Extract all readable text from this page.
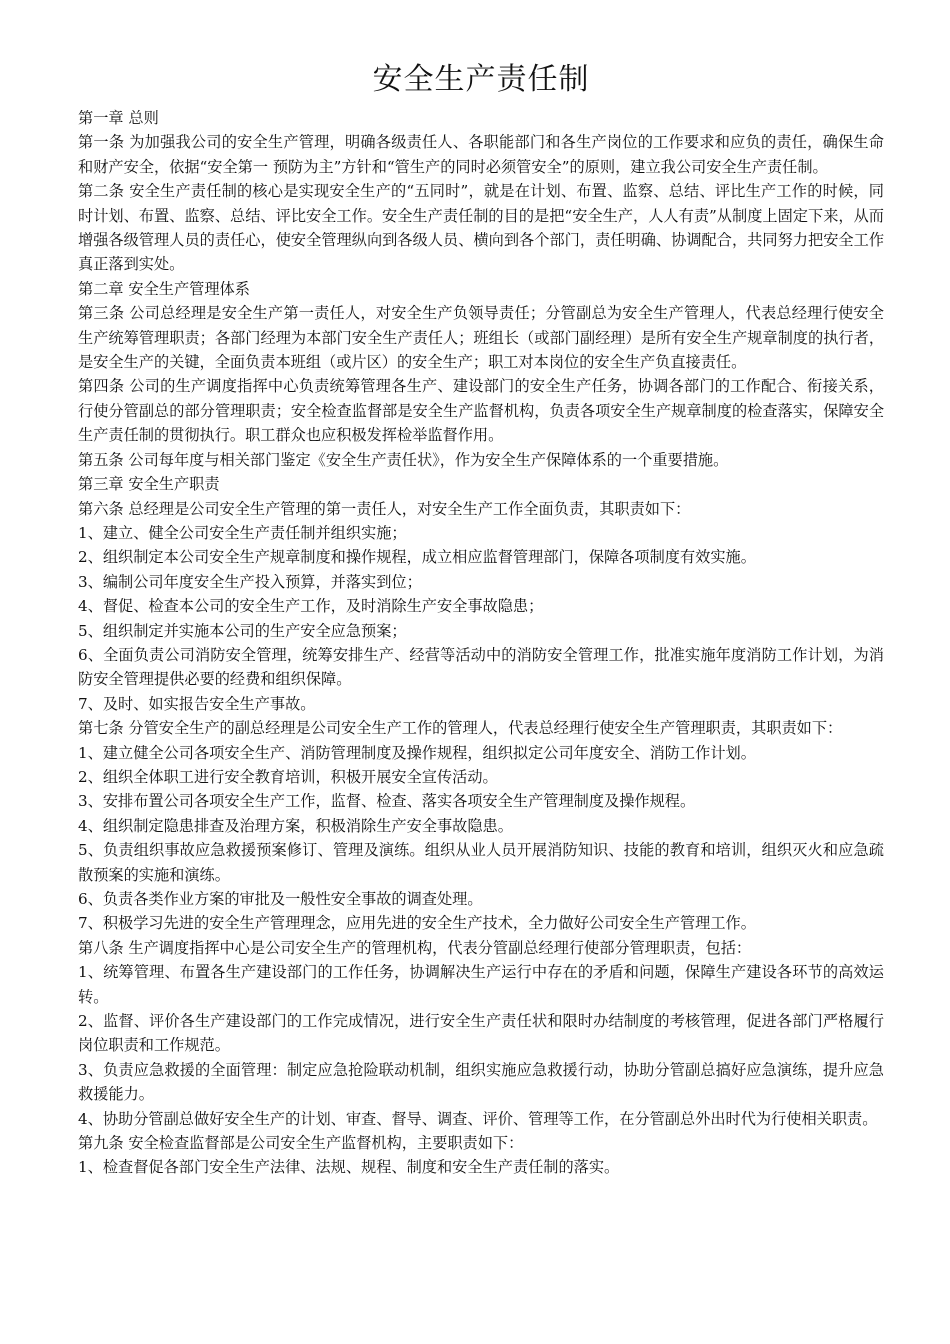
安全生产责任制

第一章 总则

第一条 为加强我公司的安全生产管理，明确各级责任人、各职能部门和各生产岗位的工作要求和应负的责任，确保生命和财产安全，依据“安全第一 预防为主”方针和“管生产的同时必须管安全”的原则，建立我公司安全生产责任制。

第二条 安全生产责任制的核心是实现安全生产的“五同时”，就是在计划、布置、监察、总结、评比生产工作的时候，同时计划、布置、监察、总结、评比安全工作。安全生产责任制的目的是把“安全生产，人人有责”从制度上固定下来，从而增强各级管理人员的责任心，使安全管理纵向到各级人员、横向到各个部门，责任明确、协调配合，共同努力把安全工作真正落到实处。

第二章 安全生产管理体系

第三条 公司总经理是安全生产第一责任人，对安全生产负领导责任；分管副总为安全生产管理人，代表总经理行使安全生产统筹管理职责；各部门经理为本部门安全生产责任人；班组长（或部门副经理）是所有安全生产规章制度的执行者，是安全生产的关键，全面负责本班组（或片区）的安全生产；职工对本岗位的安全生产负直接责任。

第四条 公司的生产调度指挥中心负责统筹管理各生产、建设部门的安全生产任务，协调各部门的工作配合、衔接关系，行使分管副总的部分管理职责；安全检查监督部是安全生产监督机构，负责各项安全生产规章制度的检查落实，保障安全生产责任制的贯彻执行。职工群众也应积极发挥检举监督作用。

第五条 公司每年度与相关部门鉴定《安全生产责任状》，作为安全生产保障体系的一个重要措施。

第三章 安全生产职责

第六条 总经理是公司安全生产管理的第一责任人，对安全生产工作全面负责，其职责如下：

1、建立、健全公司安全生产责任制并组织实施；

2、组织制定本公司安全生产规章制度和操作规程，成立相应监督管理部门，保障各项制度有效实施。

3、编制公司年度安全生产投入预算，并落实到位；

4、督促、检查本公司的安全生产工作，及时消除生产安全事故隐患；

5、组织制定并实施本公司的生产安全应急预案；

6、全面负责公司消防安全管理，统筹安排生产、经营等活动中的消防安全管理工作，批准实施年度消防工作计划，为消防安全管理提供必要的经费和组织保障。

7、及时、如实报告安全生产事故。

第七条 分管安全生产的副总经理是公司安全生产工作的管理人，代表总经理行使安全生产管理职责，其职责如下：

1、建立健全公司各项安全生产、消防管理制度及操作规程，组织拟定公司年度安全、消防工作计划。

2、组织全体职工进行安全教育培训，积极开展安全宣传活动。

3、安排布置公司各项安全生产工作，监督、检查、落实各项安全生产管理制度及操作规程。

4、组织制定隐患排查及治理方案，积极消除生产安全事故隐患。

5、负责组织事故应急救援预案修订、管理及演练。组织从业人员开展消防知识、技能的教育和培训，组织灭火和应急疏散预案的实施和演练。

6、负责各类作业方案的审批及一般性安全事故的调查处理。

7、积极学习先进的安全生产管理理念，应用先进的安全生产技术，全力做好公司安全生产管理工作。

第八条 生产调度指挥中心是公司安全生产的管理机构，代表分管副总经理行使部分管理职责，包括：

1、统筹管理、布置各生产建设部门的工作任务，协调解决生产运行中存在的矛盾和问题，保障生产建设各环节的高效运转。

2、监督、评价各生产建设部门的工作完成情况，进行安全生产责任状和限时办结制度的考核管理，促进各部门严格履行岗位职责和工作规范。

3、负责应急救援的全面管理：制定应急抢险联动机制，组织实施应急救援行动，协助分管副总搞好应急演练，提升应急救援能力。

4、协助分管副总做好安全生产的计划、审查、督导、调查、评价、管理等工作，在分管副总外出时代为行使相关职责。

第九条 安全检查监督部是公司安全生产监督机构，主要职责如下：

1、检查督促各部门安全生产法律、法规、规程、制度和安全生产责任制的落实。
